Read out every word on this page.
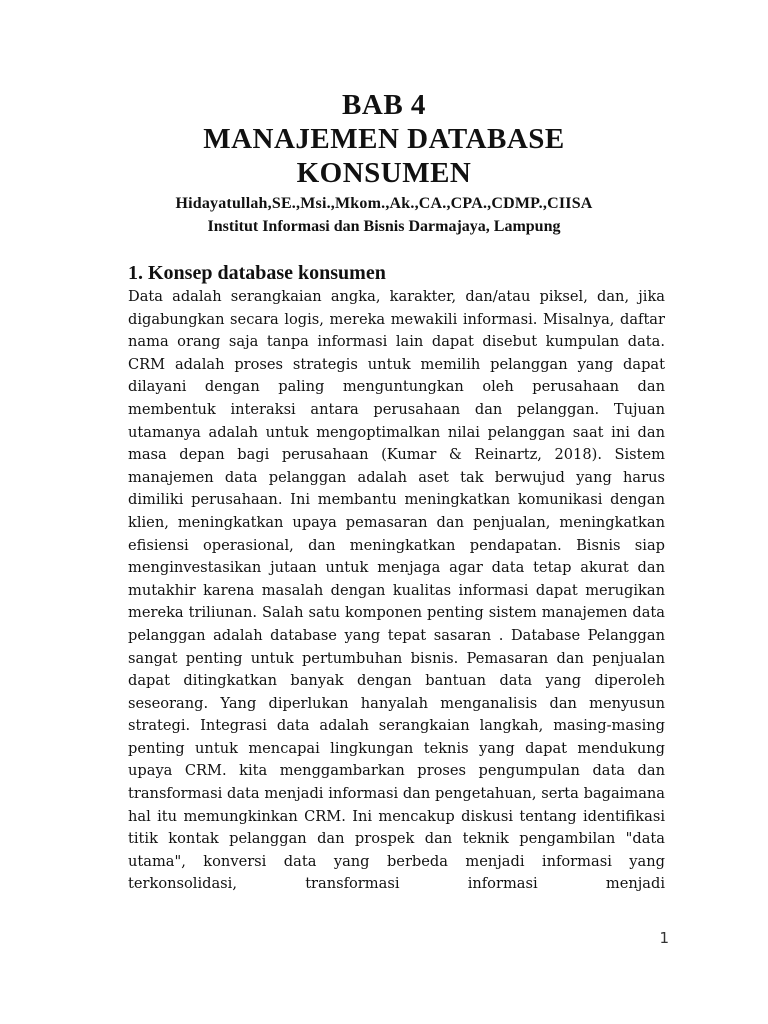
BAB 4
MANAJEMEN DATABASE KONSUMEN
Hidayatullah,SE.,Msi.,Mkom.,Ak.,CA.,CPA.,CDMP.,CIISA
Institut Informasi dan Bisnis Darmajaya, Lampung
1. Konsep database konsumen

Data adalah serangkaian angka, karakter, dan/atau piksel, dan, jika digabungkan secara logis, mereka mewakili informasi. Misalnya, daftar nama orang saja tanpa informasi lain dapat disebut kumpulan data. CRM adalah proses strategis untuk memilih pelanggan yang dapat dilayani dengan paling menguntungkan oleh perusahaan dan membentuk interaksi antara perusahaan dan pelanggan. Tujuan utamanya adalah untuk mengoptimalkan nilai pelanggan saat ini dan masa depan bagi perusahaan (Kumar & Reinartz, 2018). Sistem manajemen data pelanggan adalah aset tak berwujud yang harus dimiliki perusahaan. Ini membantu meningkatkan komunikasi dengan klien, meningkatkan upaya pemasaran dan penjualan, meningkatkan efisiensi operasional, dan meningkatkan pendapatan. Bisnis siap menginvestasikan jutaan untuk menjaga agar data tetap akurat dan mutakhir karena masalah dengan kualitas informasi dapat merugikan mereka triliunan. Salah satu komponen penting sistem manajemen data pelanggan adalah database yang tepat sasaran . Database Pelanggan sangat penting untuk pertumbuhan bisnis. Pemasaran dan penjualan dapat ditingkatkan banyak dengan bantuan data yang diperoleh seseorang. Yang diperlukan hanyalah menganalisis dan menyusun strategi. Integrasi data adalah serangkaian langkah, masing-masing penting untuk mencapai lingkungan teknis yang dapat mendukung upaya CRM. kita menggambarkan proses pengumpulan data dan transformasi data menjadi informasi dan pengetahuan, serta bagaimana hal itu memungkinkan CRM. Ini mencakup diskusi tentang identifikasi titik kontak pelanggan dan prospek dan teknik pengambilan "data utama", konversi data yang berbeda menjadi informasi yang terkonsolidasi, transformasi informasi menjadi

1
